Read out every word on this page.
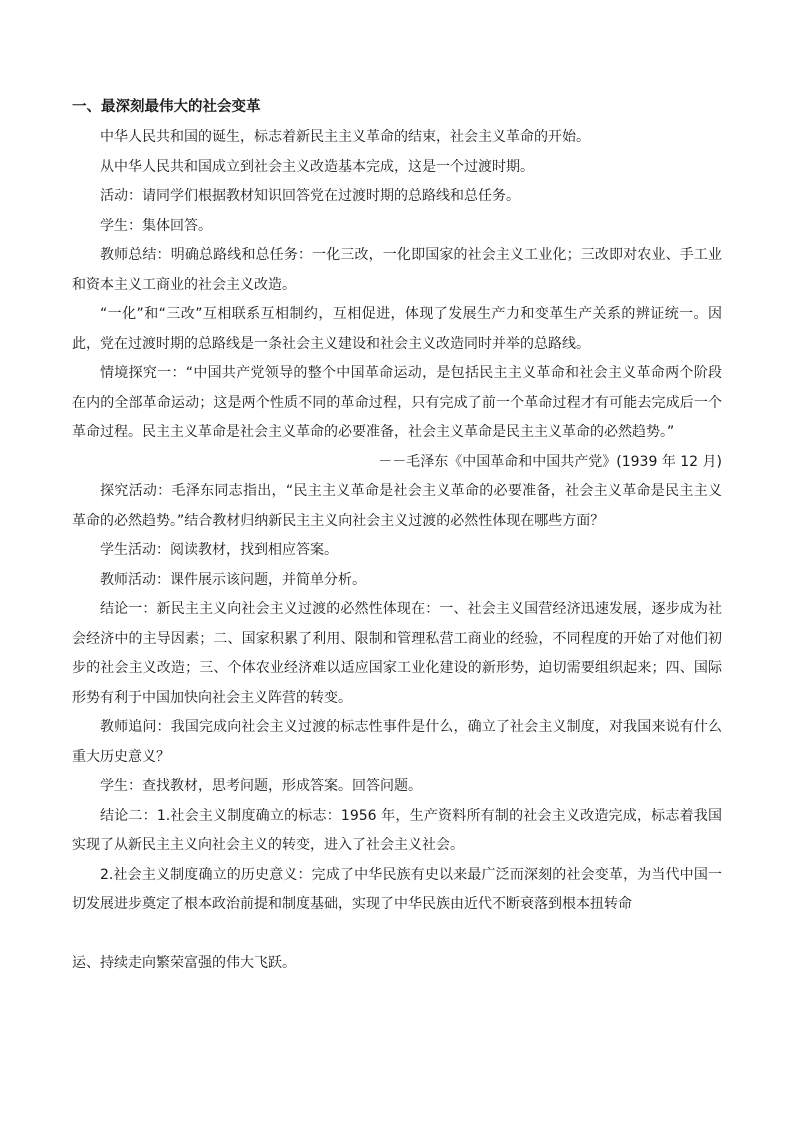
一、最深刻最伟大的社会变革

中华人民共和国的诞生，标志着新民主主义革命的结束，社会主义革命的开始。

从中华人民共和国成立到社会主义改造基本完成，这是一个过渡时期。

活动：请同学们根据教材知识回答党在过渡时期的总路线和总任务。

学生：集体回答。

教师总结：明确总路线和总任务：一化三改，一化即国家的社会主义工业化；三改即对农业、手工业和资本主义工商业的社会主义改造。

“一化”和“三改”互相联系互相制约，互相促进，体现了发展生产力和变革生产关系的辨证统一。因此，党在过渡时期的总路线是一条社会主义建设和社会主义改造同时并举的总路线。

情境探究一：“中国共产党领导的整个中国革命运动，是包括民主主义革命和社会主义革命两个阶段在内的全部革命运动；这是两个性质不同的革命过程，只有完成了前一个革命过程才有可能去完成后一个革命过程。民主主义革命是社会主义革命的必要准备，社会主义革命是民主主义革命的必然趋势。”

－－毛泽东《中国革命和中国共产党》(1939 年 12 月)

探究活动：毛泽东同志指出，“民主主义革命是社会主义革命的必要准备，社会主义革命是民主主义革命的必然趋势。”结合教材归纳新民主主义向社会主义过渡的必然性体现在哪些方面？

学生活动：阅读教材，找到相应答案。

教师活动：课件展示该问题，并简单分析。

结论一：新民主主义向社会主义过渡的必然性体现在：一、社会主义国营经济迅速发展，逐步成为社会经济中的主导因素；二、国家积累了利用、限制和管理私营工商业的经验，不同程度的开始了对他们初步的社会主义改造；三、个体农业经济难以适应国家工业化建设的新形势，迫切需要组织起来；四、国际形势有利于中国加快向社会主义阵营的转变。

教师追问：我国完成向社会主义过渡的标志性事件是什么，确立了社会主义制度，对我国来说有什么重大历史意义？

学生：查找教材，思考问题，形成答案。回答问题。

结论二：1.社会主义制度确立的标志：1956 年，生产资料所有制的社会主义改造完成，标志着我国实现了从新民主主义向社会主义的转变，进入了社会主义社会。

2.社会主义制度确立的历史意义：完成了中华民族有史以来最广泛而深刻的社会变革，为当代中国一切发展进步奠定了根本政治前提和制度基础，实现了中华民族由近代不断衰落到根本扭转命

运、持续走向繁荣富强的伟大飞跃。
